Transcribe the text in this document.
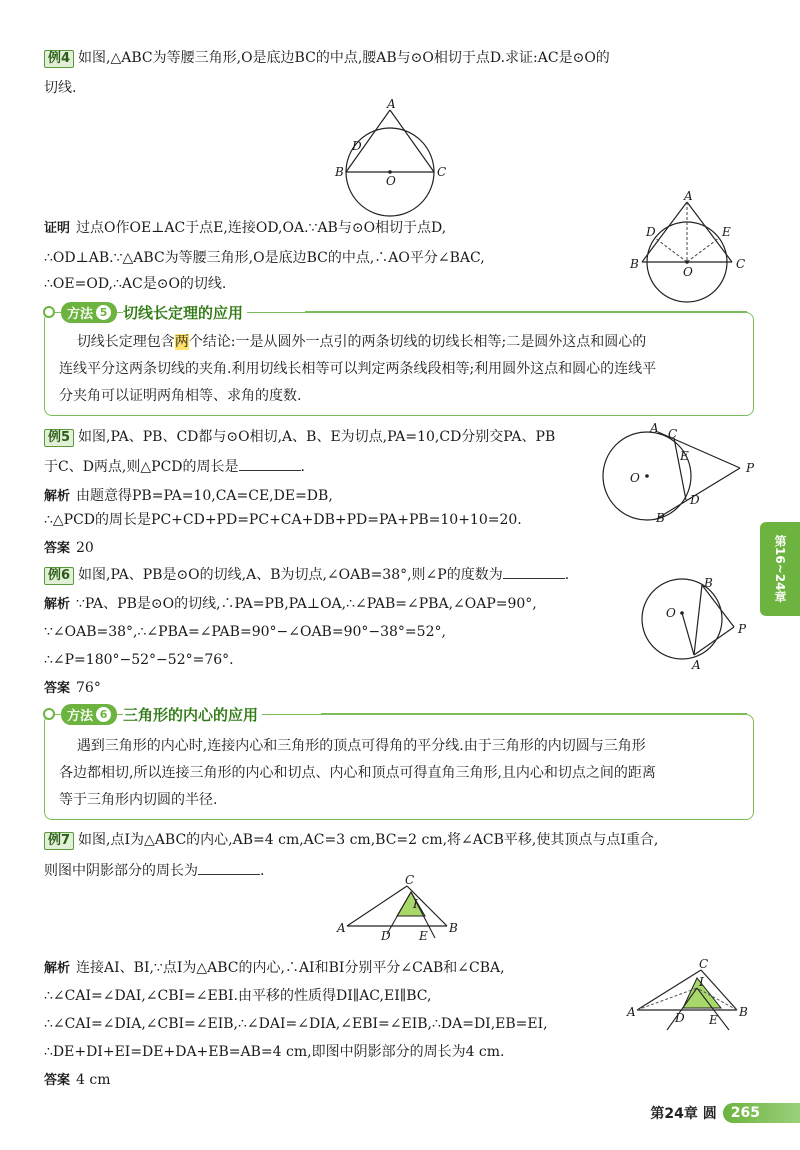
例4 如图,△ABC为等腰三角形,O是底边BC的中点,腰AB与⊙O相切于点D.求证:AC是⊙O的
切线.
A
D
B
O
C
证明 过点O作OE⊥AC于点E,连接OD,OA.∵AB与⊙O相切于点D,
∴OD⊥AB.∵△ABC为等腰三角形,O是底边BC的中点,∴AO平分∠BAC,
∴OE=OD,∴AC是⊙O的切线.
A
D	E
B
O
C
方法 5 切线长定理的应用
切线长定理包含两个结论:一是从圆外一点引的两条切线的切线长相等;二是圆外这点和圆心的
连线平分这两条切线的夹角.利用切线长相等可以判定两条线段相等;利用圆外这点和圆心的连线平
分夹角可以证明两角相等、求角的度数.
例5 如图,PA、PB、CD都与⊙O相切,A、B、E为切点,PA=10,CD分别交PA、PB
于C、D两点,则△PCD的周长是	.
解析 由题意得PB=PA=10,CA=CE,DE=DB,
∴△PCD的周长是PC+CD+PD=PC+CA+DB+PD=PA+PB=10+10=20.
答案 20
A C
E
O
D
B
P
例6 如图,PA、PB是⊙O的切线,A、B为切点,∠OAB=38°,则∠P的度数为	.
解析 ∵PA、PB是⊙O的切线,∴PA=PB,PA⊥OA,∴∠PAB=∠PBA,∠OAP=90°,
∵∠OAB=38°,∴∠PBA=∠PAB=90°−∠OAB=90°−38°=52°,
∴∠P=180°−52°−52°=76°.
答案 76°
B
O
P
A
方法 6 三角形的内心的应用
遇到三角形的内心时,连接内心和三角形的顶点可得角的平分线.由于三角形的内切圆与三角形
各边都相切,所以连接三角形的内心和切点、内心和顶点可得直角三角形,且内心和切点之间的距离
等于三角形内切圆的半径.
例7 如图,点I为△ABC的内心,AB=4 cm,AC=3 cm,BC=2 cm,将∠ACB平移,使其顶点与点I重合,
则图中阴影部分的周长为	.
C
I
A
D E
B
解析 连接AI、BI,∵点I为△ABC的内心,∴AI和BI分别平分∠CAB和∠CBA,
∴∠CAI=∠DAI,∠CBI=∠EBI.由平移的性质得DI∥AC,EI∥BC,
∴∠CAI=∠DIA,∠CBI=∠EIB,∴∠DAI=∠DIA,∠EBI=∠EIB,∴DA=DI,EB=EI,
∴DE+DI+EI=DE+DA+EB=AB=4 cm,即图中阴影部分的周长为4 cm.
答案 4 cm
C
I
A	D E
B
第16~24章
第24章 圆	265
